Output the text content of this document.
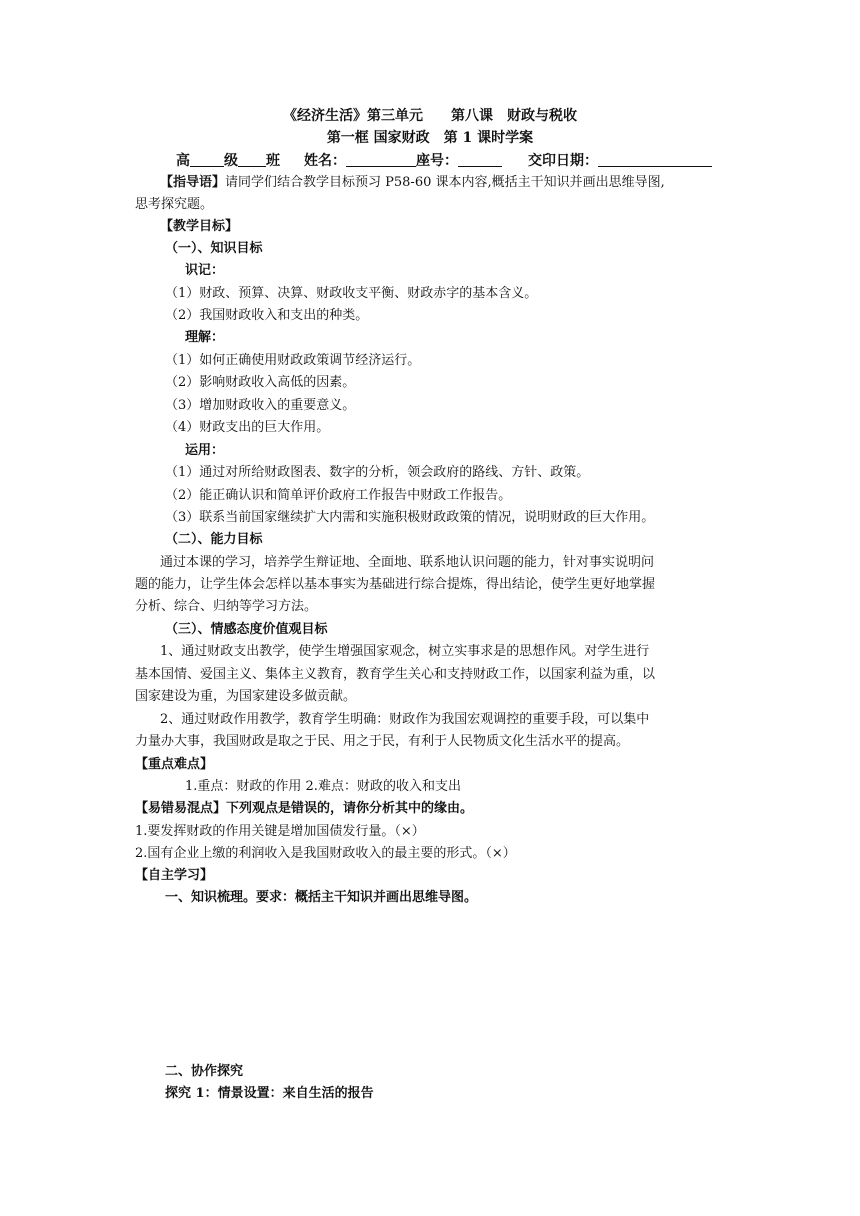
《经济生活》第三单元　　第八课　财政与税收
第一框 国家财政　第 1 课时学案
高 级 班 姓名：	座号：	交印日期：
【指导语】请同学们结合教学目标预习 P58-60 课本内容,概括主干知识并画出思维导图,
思考探究题。
【教学目标】
（一）、知识目标
识记：
（1）财政、预算、决算、财政收支平衡、财政赤字的基本含义。
（2）我国财政收入和支出的种类。
理解：
（1）如何正确使用财政政策调节经济运行。
（2）影响财政收入高低的因素。
（3）增加财政收入的重要意义。
（4）财政支出的巨大作用。
运用：
（1）通过对所给财政图表、数字的分析，领会政府的路线、方针、政策。
（2）能正确认识和简单评价政府工作报告中财政工作报告。
（3）联系当前国家继续扩大内需和实施积极财政政策的情况，说明财政的巨大作用。
（二）、能力目标
通过本课的学习，培养学生辩证地、全面地、联系地认识问题的能力，针对事实说明问
题的能力，让学生体会怎样以基本事实为基础进行综合提炼，得出结论，使学生更好地掌握
分析、综合、归纳等学习方法。
（三）、情感态度价值观目标
1、通过财政支出教学，使学生增强国家观念，树立实事求是的思想作风。对学生进行
基本国情、爱国主义、集体主义教育，教育学生关心和支持财政工作，以国家利益为重，以
国家建设为重，为国家建设多做贡献。
2、通过财政作用教学，教育学生明确：财政作为我国宏观调控的重要手段，可以集中
力量办大事，我国财政是取之于民、用之于民，有利于人民物质文化生活水平的提高。
【重点难点】
1.重点：财政的作用 2.难点：财政的收入和支出
【易错易混点】下列观点是错误的，请你分析其中的缘由。
1.要发挥财政的作用关键是增加国债发行量。（×）
2.国有企业上缴的利润收入是我国财政收入的最主要的形式。（×）
【自主学习】
一、知识梳理。要求：概括主干知识并画出思维导图。
二、协作探究
探究 1：情景设置：来自生活的报告
